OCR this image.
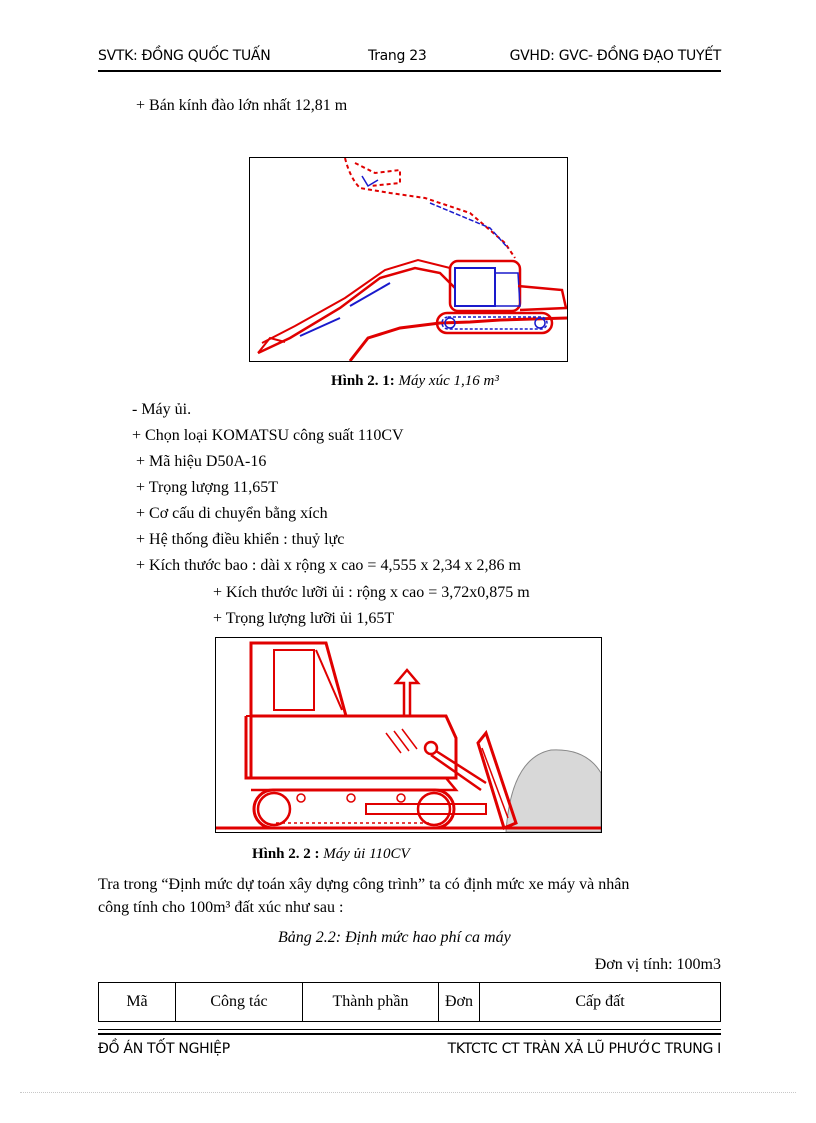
SVTK: ĐỒNG QUỐC TUẤN	Trang 23	GVHD: GVC- ĐỒNG ĐẠO TUYẾT
+ Bán kính đào lớn nhất 12,81 m
Hình 2. 1: Máy xúc 1,16 m³
- Máy ủi.
+ Chọn loại KOMATSU công suất 110CV
+ Mã hiệu D50A-16
+ Trọng lượng 11,65T
+ Cơ cấu di chuyển bằng xích
+ Hệ thống điều khiển : thuỷ lực
+ Kích thước bao : dài x rộng x cao = 4,555 x 2,34 x 2,86 m
+ Kích thước lưỡi ủi : rộng x cao = 3,72x0,875 m
+ Trọng lượng lưỡi ủi 1,65T
Hình 2. 2 : Máy ủi 110CV
Tra trong “Định mức dự toán xây dựng công trình” ta có định mức xe máy và nhân
công tính cho 100m³ đất xúc như sau :
Bảng 2.2: Định mức hao phí ca máy
Đơn vị tính: 100m3
Mã	Công tác	Thành phần	Đơn	Cấp đất
ĐỒ ÁN TỐT NGHIỆP	TKTCTC CT TRÀN XẢ LŨ PHƯỚC TRUNG I
